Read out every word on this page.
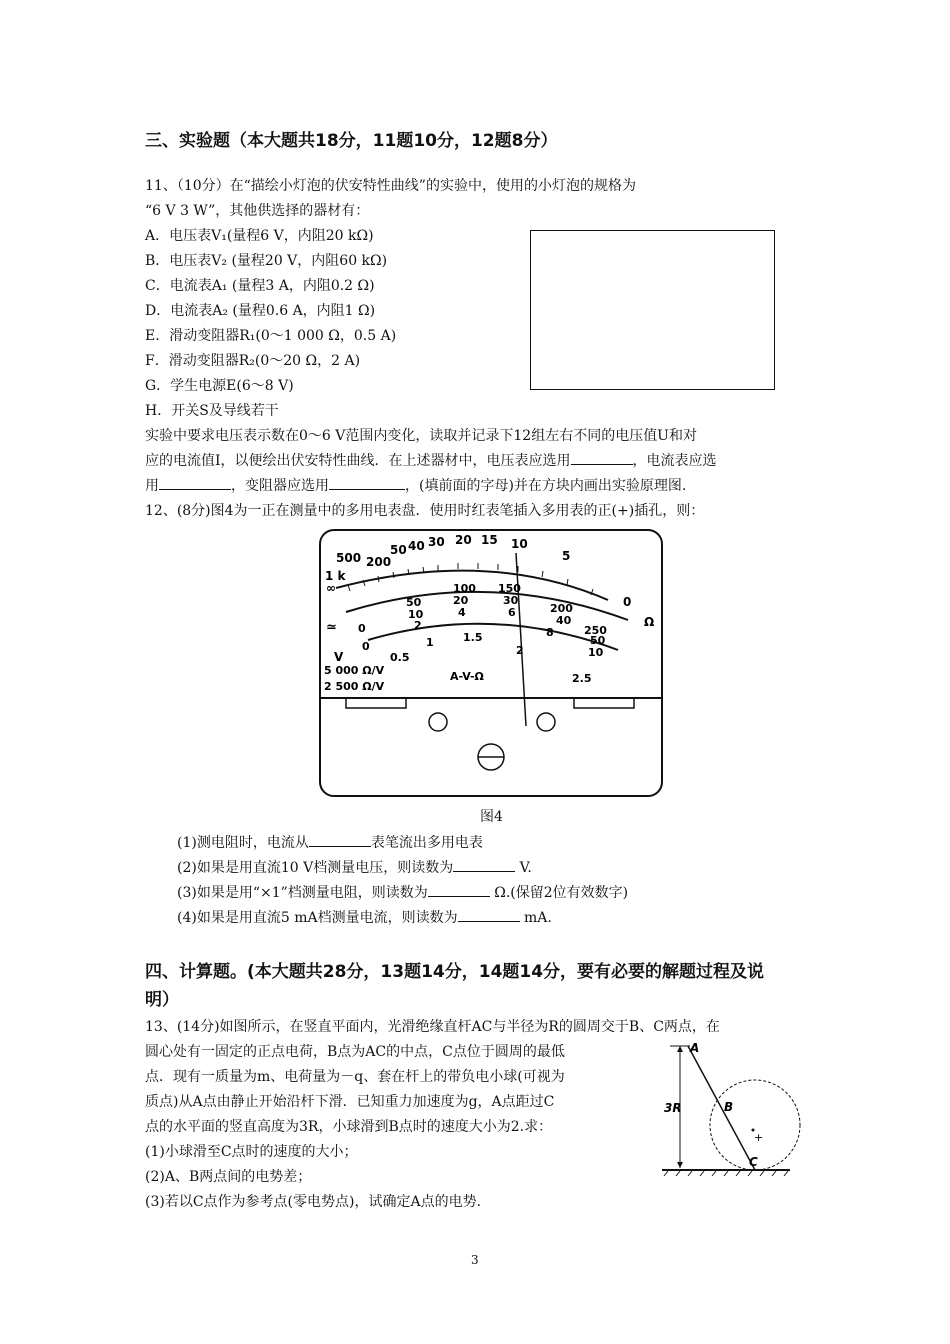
三、实验题（本大题共18分，11题10分，12题8分）
11、（10分）在“描绘小灯泡的伏安特性曲线”的实验中，使用的小灯泡的规格为
“6 V 3 W”，其他供选择的器材有：
A．电压表V₁(量程6 V，内阻20 kΩ)
B．电压表V₂ (量程20 V，内阻60 kΩ)
C．电流表A₁ (量程3 A，内阻0.2 Ω)
D．电流表A₂ (量程0.6 A，内阻1 Ω)
E．滑动变阻器R₁(0～1 000 Ω，0.5 A)
F．滑动变阻器R₂(0～20 Ω，2 A)
G．学生电源E(6～8 V)
H．开关S及导线若干
实验中要求电压表示数在0～6 V范围内变化，读取并记录下12组左右不同的电压值U和对
应的电流值I，以便绘出伏安特性曲线．在上述器材中，电压表应选用	，电流表应选
用	，变阻器应选用	，(填前面的字母)并在方块内画出实验原理图.
12、(8分)图4为一正在测量中的多用电表盘．使用时红表笔插入多用表的正(+)插孔，则：
500 200
50 40 30 20 15 10
5
0
1 k
∞
Ω
≃
V
50
100 150
200
250
10
20	30
40
50
2
4	6
8
10
0
0
0.5
1	1.5
2
2.5
5 000 Ω/V
2 500 Ω/V
A-V-Ω
图4
(1)测电阻时，电流从	表笔流出多用电表
(2)如果是用直流10 V档测量电压，则读数为	V.
(3)如果是用“×1”档测量电阻，则读数为	Ω.(保留2位有效数字)
(4)如果是用直流5 mA档测量电流，则读数为	mA.
四、计算题。(本大题共28分，13题14分，14题14分，要有必要的解题过程及说
明）
13、(14分)如图所示，在竖直平面内，光滑绝缘直杆AC与半径为R的圆周交于B、C两点，在
圆心处有一固定的正点电荷，B点为AC的中点，C点位于圆周的最低
点．现有一质量为m、电荷量为－q、套在杆上的带负电小球(可视为
质点)从A点由静止开始沿杆下滑．已知重力加速度为g，A点距过C
点的水平面的竖直高度为3R，小球滑到B点时的速度大小为2.求：
(1)小球滑至C点时的速度的大小；
(2)A、B两点间的电势差；
(3)若以C点作为参考点(零电势点)，试确定A点的电势.
3R
A
B
C
+
3
